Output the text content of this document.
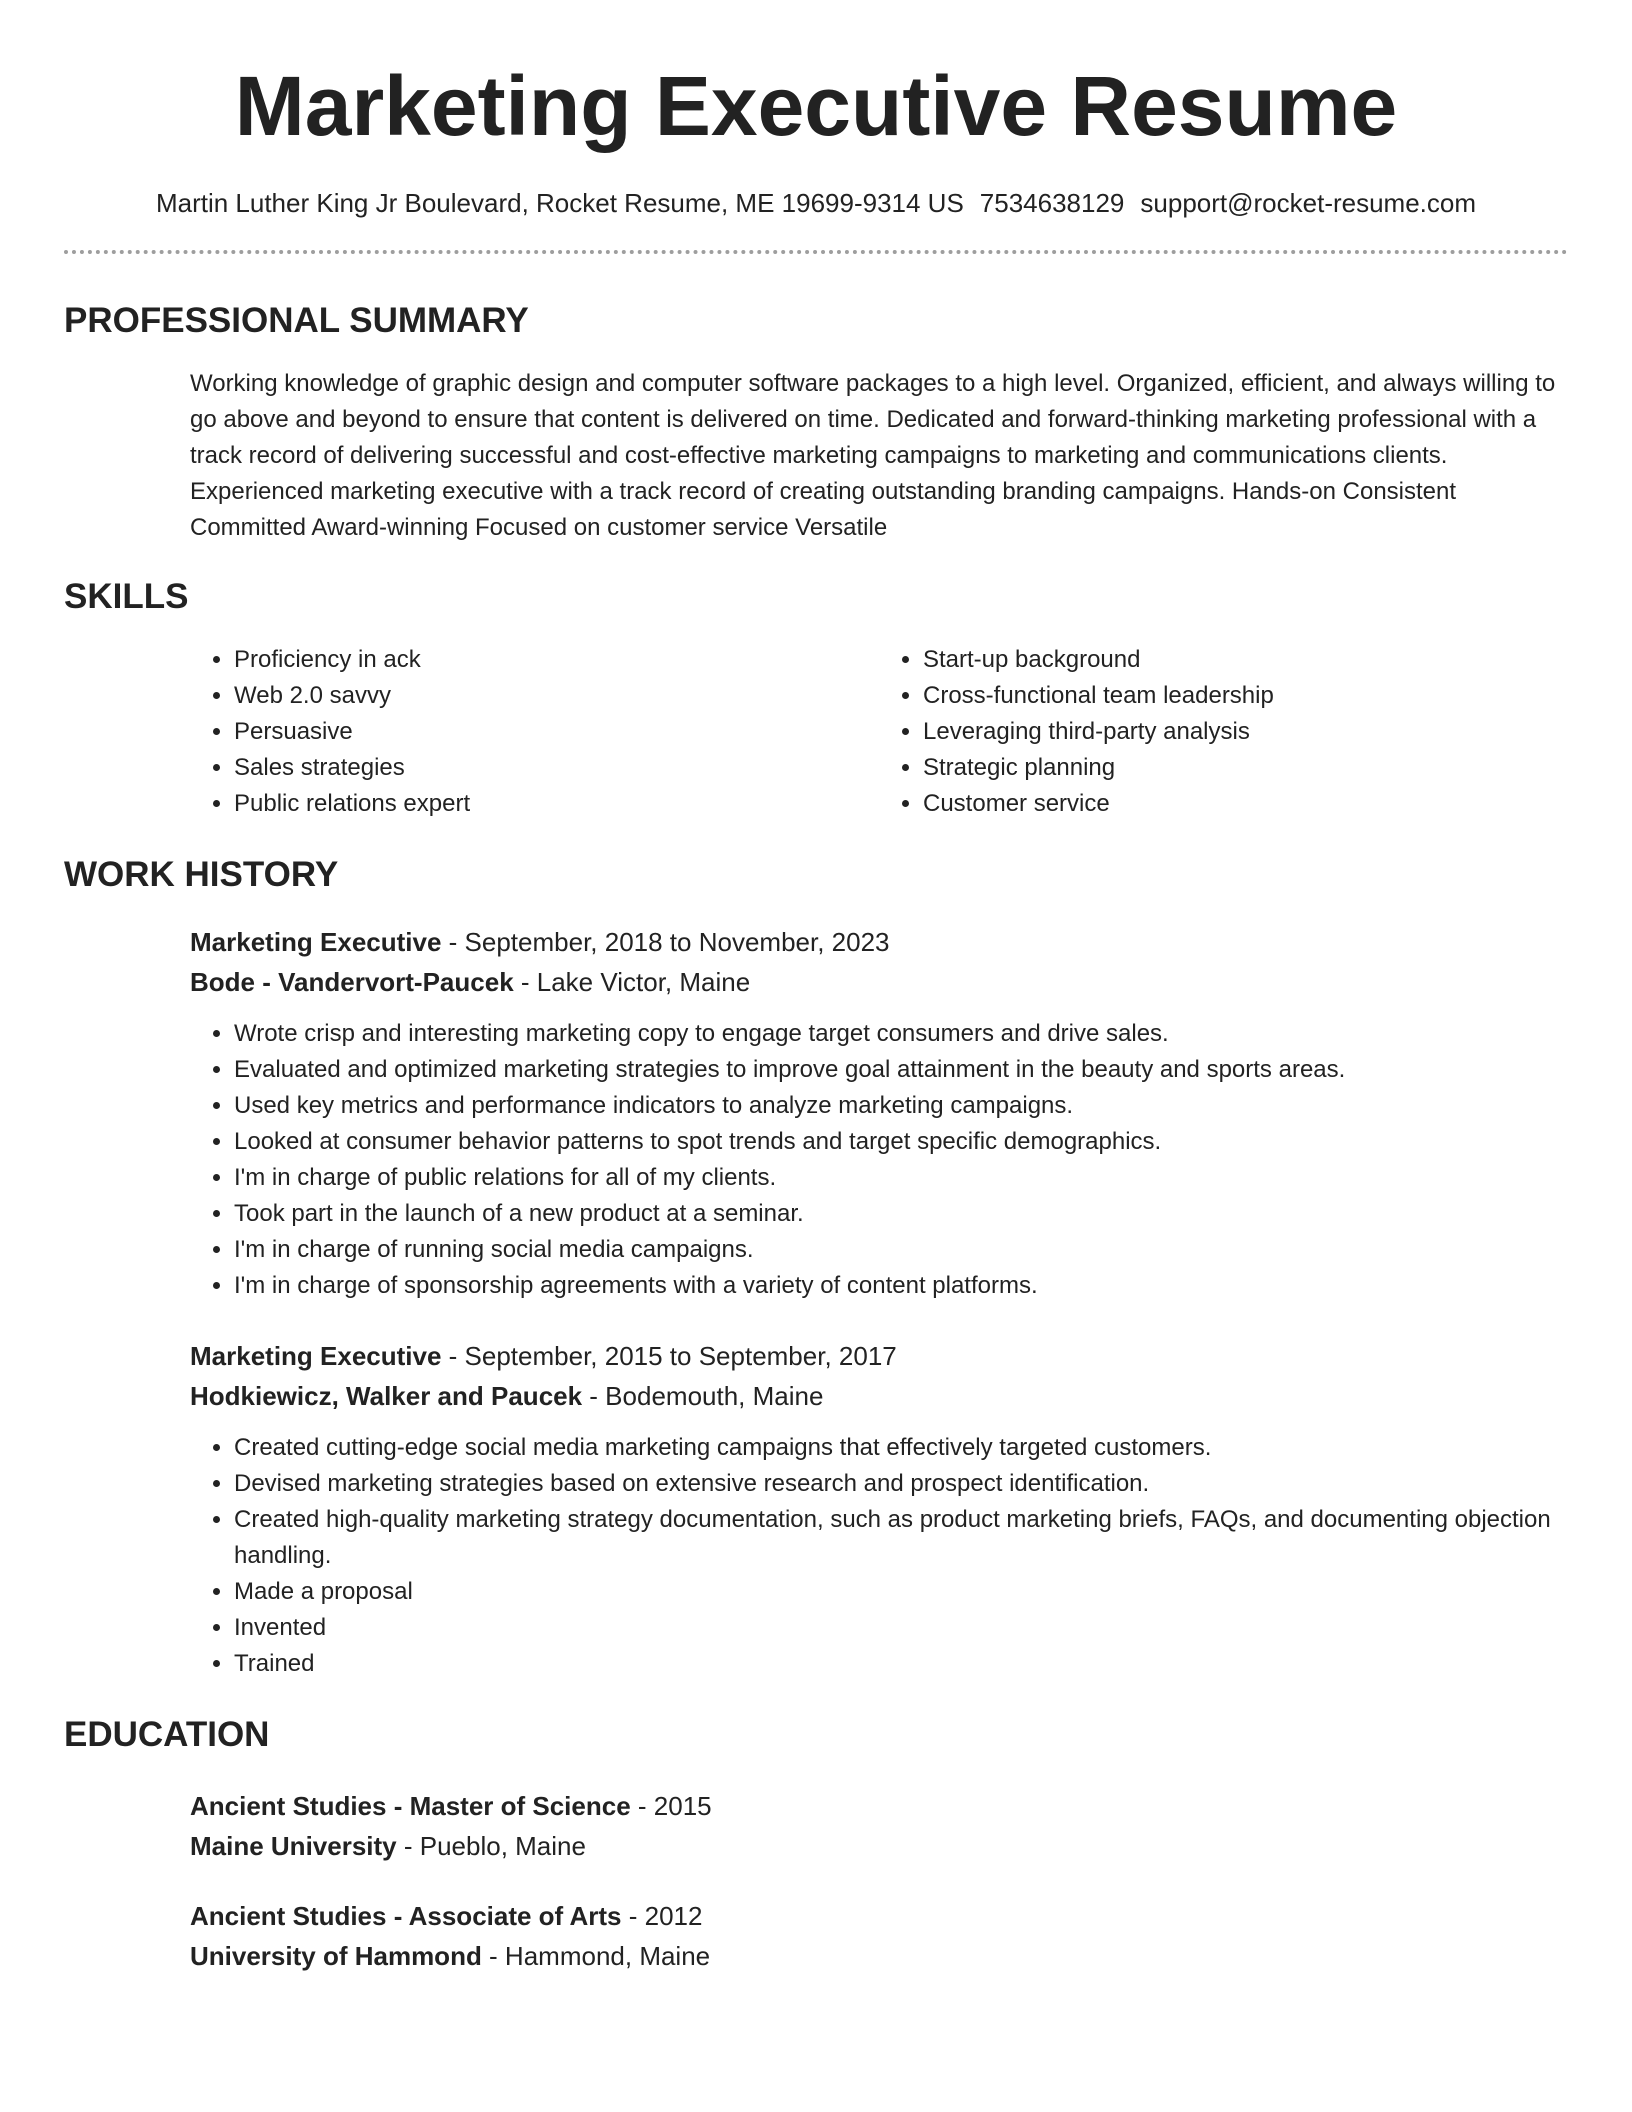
Marketing Executive Resume
Martin Luther King Jr Boulevard, Rocket Resume, ME 19699-9314 US 7534638129 support@rocket-resume.com
PROFESSIONAL SUMMARY

Working knowledge of graphic design and computer software packages to a high level. Organized, efficient, and always willing to go above and beyond to ensure that content is delivered on time. Dedicated and forward-thinking marketing professional with a track record of delivering successful and cost-effective marketing campaigns to marketing and communications clients. Experienced marketing executive with a track record of creating outstanding branding campaigns. Hands-on Consistent Committed Award-winning Focused on customer service Versatile

SKILLS
• Proficiency in ack
• Web 2.0 savvy
• Persuasive
• Sales strategies
• Public relations expert
• Start-up background
• Cross-functional team leadership
• Leveraging third-party analysis
• Strategic planning
• Customer service
WORK HISTORY
Marketing Executive - September, 2018 to November, 2023
Bode - Vandervort-Paucek - Lake Victor, Maine
• Wrote crisp and interesting marketing copy to engage target consumers and drive sales.
• Evaluated and optimized marketing strategies to improve goal attainment in the beauty and sports areas.
• Used key metrics and performance indicators to analyze marketing campaigns.
• Looked at consumer behavior patterns to spot trends and target specific demographics.
• I'm in charge of public relations for all of my clients.
• Took part in the launch of a new product at a seminar.
• I'm in charge of running social media campaigns.
• I'm in charge of sponsorship agreements with a variety of content platforms.
Marketing Executive - September, 2015 to September, 2017
Hodkiewicz, Walker and Paucek - Bodemouth, Maine
• Created cutting-edge social media marketing campaigns that effectively targeted customers.
• Devised marketing strategies based on extensive research and prospect identification.
• Created high-quality marketing strategy documentation, such as product marketing briefs, FAQs, and documenting objection handling.
• Made a proposal
• Invented
• Trained
EDUCATION
Ancient Studies - Master of Science - 2015
Maine University - Pueblo, Maine
Ancient Studies - Associate of Arts - 2012
University of Hammond - Hammond, Maine
